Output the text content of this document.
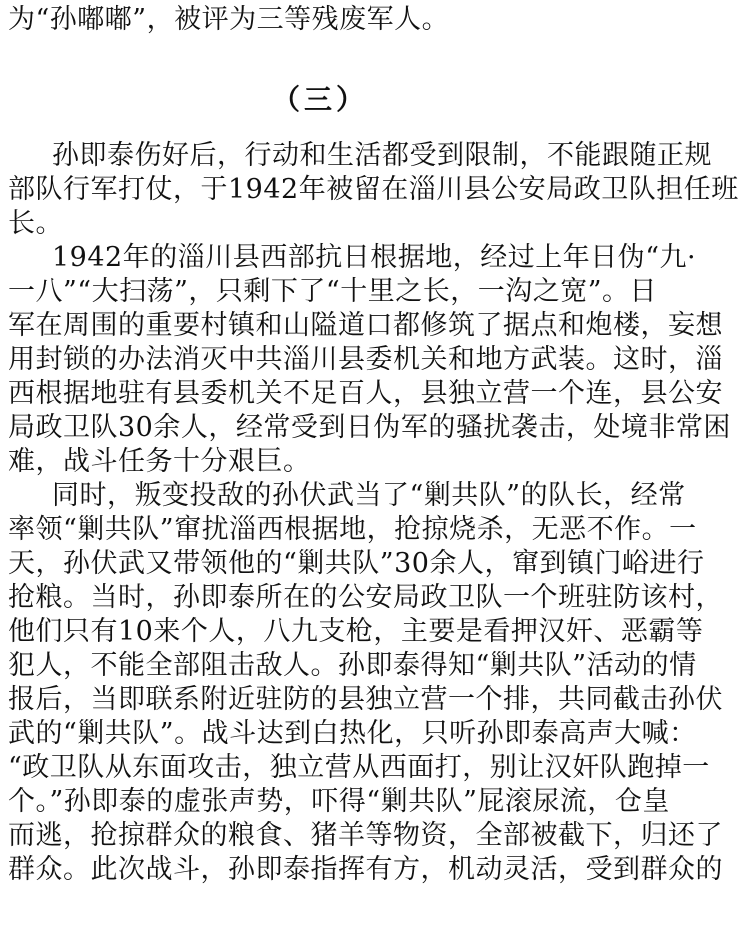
为“孙嘟嘟”，被评为三等残废军人。
（三）
孙即泰伤好后，行动和生活都受到限制，不能跟随正规
部队行军打仗，于1942年被留在淄川县公安局政卫队担任班
长。
1942年的淄川县西部抗日根据地，经过上年日伪“九·
一八”“大扫荡”，只剩下了“十里之长，一沟之宽”。日
军在周围的重要村镇和山隘道口都修筑了据点和炮楼，妄想
用封锁的办法消灭中共淄川县委机关和地方武装。这时，淄
西根据地驻有县委机关不足百人，县独立营一个连，县公安
局政卫队30余人，经常受到日伪军的骚扰袭击，处境非常困
难，战斗任务十分艰巨。
同时，叛变投敌的孙伏武当了“剿共队”的队长，经常
率领“剿共队”窜扰淄西根据地，抢掠烧杀，无恶不作。一
天，孙伏武又带领他的“剿共队”30余人，窜到镇门峪进行
抢粮。当时，孙即泰所在的公安局政卫队一个班驻防该村，
他们只有10来个人，八九支枪，主要是看押汉奸、恶霸等
犯人，不能全部阻击敌人。孙即泰得知“剿共队”活动的情
报后，当即联系附近驻防的县独立营一个排，共同截击孙伏
武的“剿共队”。战斗达到白热化，只听孙即泰高声大喊：
“政卫队从东面攻击，独立营从西面打，别让汉奸队跑掉一
个。”孙即泰的虚张声势，吓得“剿共队”屁滚尿流，仓皇
而逃，抢掠群众的粮食、猪羊等物资，全部被截下，归还了
群众。此次战斗，孙即泰指挥有方，机动灵活，受到群众的
